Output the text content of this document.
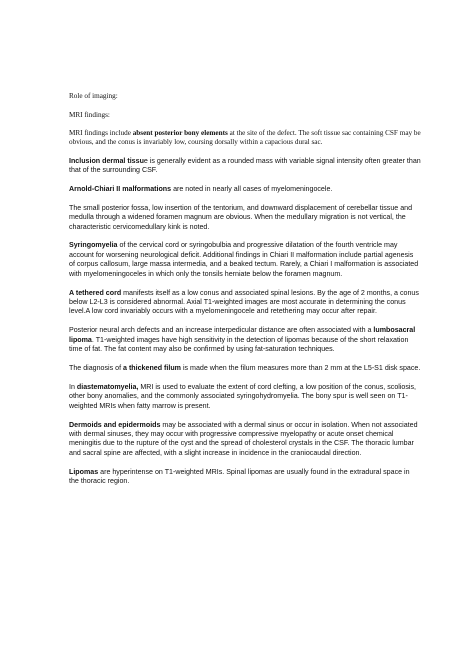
Role of imaging:

MRI findings:

MRI findings include absent posterior bony elements at the site of the defect. The soft tissue sac containing CSF may be obvious, and the conus is invariably low, coursing dorsally within a capacious dural sac.

Inclusion dermal tissue is generally evident as a rounded mass with variable signal intensity often greater than that of the surrounding CSF.

Arnold-Chiari II malformations are noted in nearly all cases of myelomeningocele.

The small posterior fossa, low insertion of the tentorium, and downward displacement of cerebellar tissue and medulla through a widened foramen magnum are obvious. When the medullary migration is not vertical, the characteristic cervicomedullary kink is noted.

Syringomyelia of the cervical cord or syringobulbia and progressive dilatation of the fourth ventricle may account for worsening neurological deficit. Additional findings in Chiari II malformation include partial agenesis of corpus callosum, large massa intermedia, and a beaked tectum. Rarely, a Chiari I malformation is associated with myelomeningoceles in which only the tonsils herniate below the foramen magnum.

A tethered cord manifests itself as a low conus and associated spinal lesions. By the age of 2 months, a conus below L2-L3 is considered abnormal. Axial T1-weighted images are most accurate in determining the conus level.A low cord invariably occurs with a myelomeningocele and retethering may occur after repair.

Posterior neural arch defects and an increase interpedicular distance are often associated with a lumbosacral lipoma. T1-weighted images have high sensitivity in the detection of lipomas because of the short relaxation time of fat. The fat content may also be confirmed by using fat-saturation techniques.

The diagnosis of a thickened filum is made when the filum measures more than 2 mm at the L5-S1 disk space.

In diastematomyelia, MRI is used to evaluate the extent of cord clefting, a low position of the conus, scoliosis, other bony anomalies, and the commonly associated syringohydromyelia. The bony spur is well seen on T1-weighted MRIs when fatty marrow is present.

Dermoids and epidermoids may be associated with a dermal sinus or occur in isolation. When not associated with dermal sinuses, they may occur with progressive compressive myelopathy or acute onset chemical meningitis due to the rupture of the cyst and the spread of cholesterol crystals in the CSF. The thoracic lumbar and sacral spine are affected, with a slight increase in incidence in the craniocaudal direction.

Lipomas are hyperintense on T1-weighted MRIs. Spinal lipomas are usually found in the extradural space in the thoracic region.
